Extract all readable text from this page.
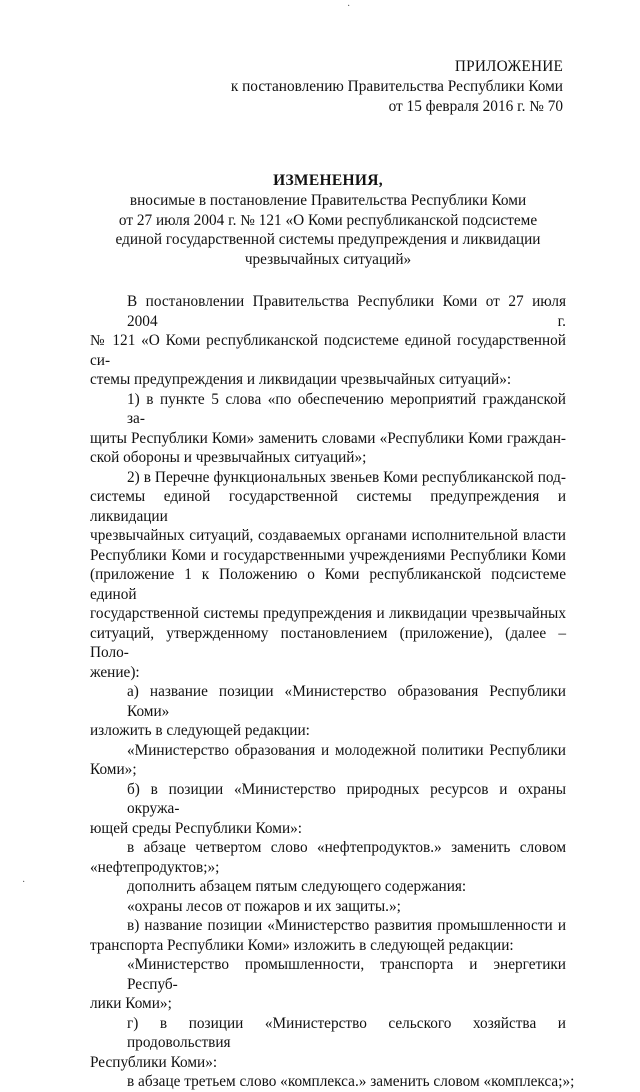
·
·
ПРИЛОЖЕНИЕ
к постановлению Правительства Республики Коми
от 15 февраля 2016 г. № 70
ИЗМЕНЕНИЯ,
вносимые в постановление Правительства Республики Коми
от 27 июля 2004 г. № 121 «О Коми республиканской подсистеме
единой государственной системы предупреждения и ликвидации
чрезвычайных ситуаций»
В постановлении Правительства Республики Коми от 27 июля 2004 г.
№ 121 «О Коми республиканской подсистеме единой государственной си-
стемы предупреждения и ликвидации чрезвычайных ситуаций»:
1) в пункте 5 слова «по обеспечению мероприятий гражданской за-
щиты Республики Коми» заменить словами «Республики Коми граждан-
ской обороны и чрезвычайных ситуаций»;
2) в Перечне функциональных звеньев Коми республиканской под-
системы единой государственной системы предупреждения и ликвидации
чрезвычайных ситуаций, создаваемых органами исполнительной власти
Республики Коми и государственными учреждениями Республики Коми
(приложение 1 к Положению о Коми республиканской подсистеме единой
государственной системы предупреждения и ликвидации чрезвычайных
ситуаций, утвержденному постановлением (приложение), (далее – Поло-
жение):
а) название позиции «Министерство образования Республики Коми»
изложить в следующей редакции:
«Министерство образования и молодежной политики Республики
Коми»;
б) в позиции «Министерство природных ресурсов и охраны окружа-
ющей среды Республики Коми»:
в абзаце четвертом слово «нефтепродуктов.» заменить словом
«нефтепродуктов;»;
дополнить абзацем пятым следующего содержания:
«охраны лесов от пожаров и их защиты.»;
в) название позиции «Министерство развития промышленности и
транспорта Республики Коми» изложить в следующей редакции:
«Министерство промышленности, транспорта и энергетики Респуб-
лики Коми»;
г) в позиции «Министерство сельского хозяйства и продовольствия
Республики Коми»:
в абзаце третьем слово «комплекса.» заменить словом «комплекса;»;
